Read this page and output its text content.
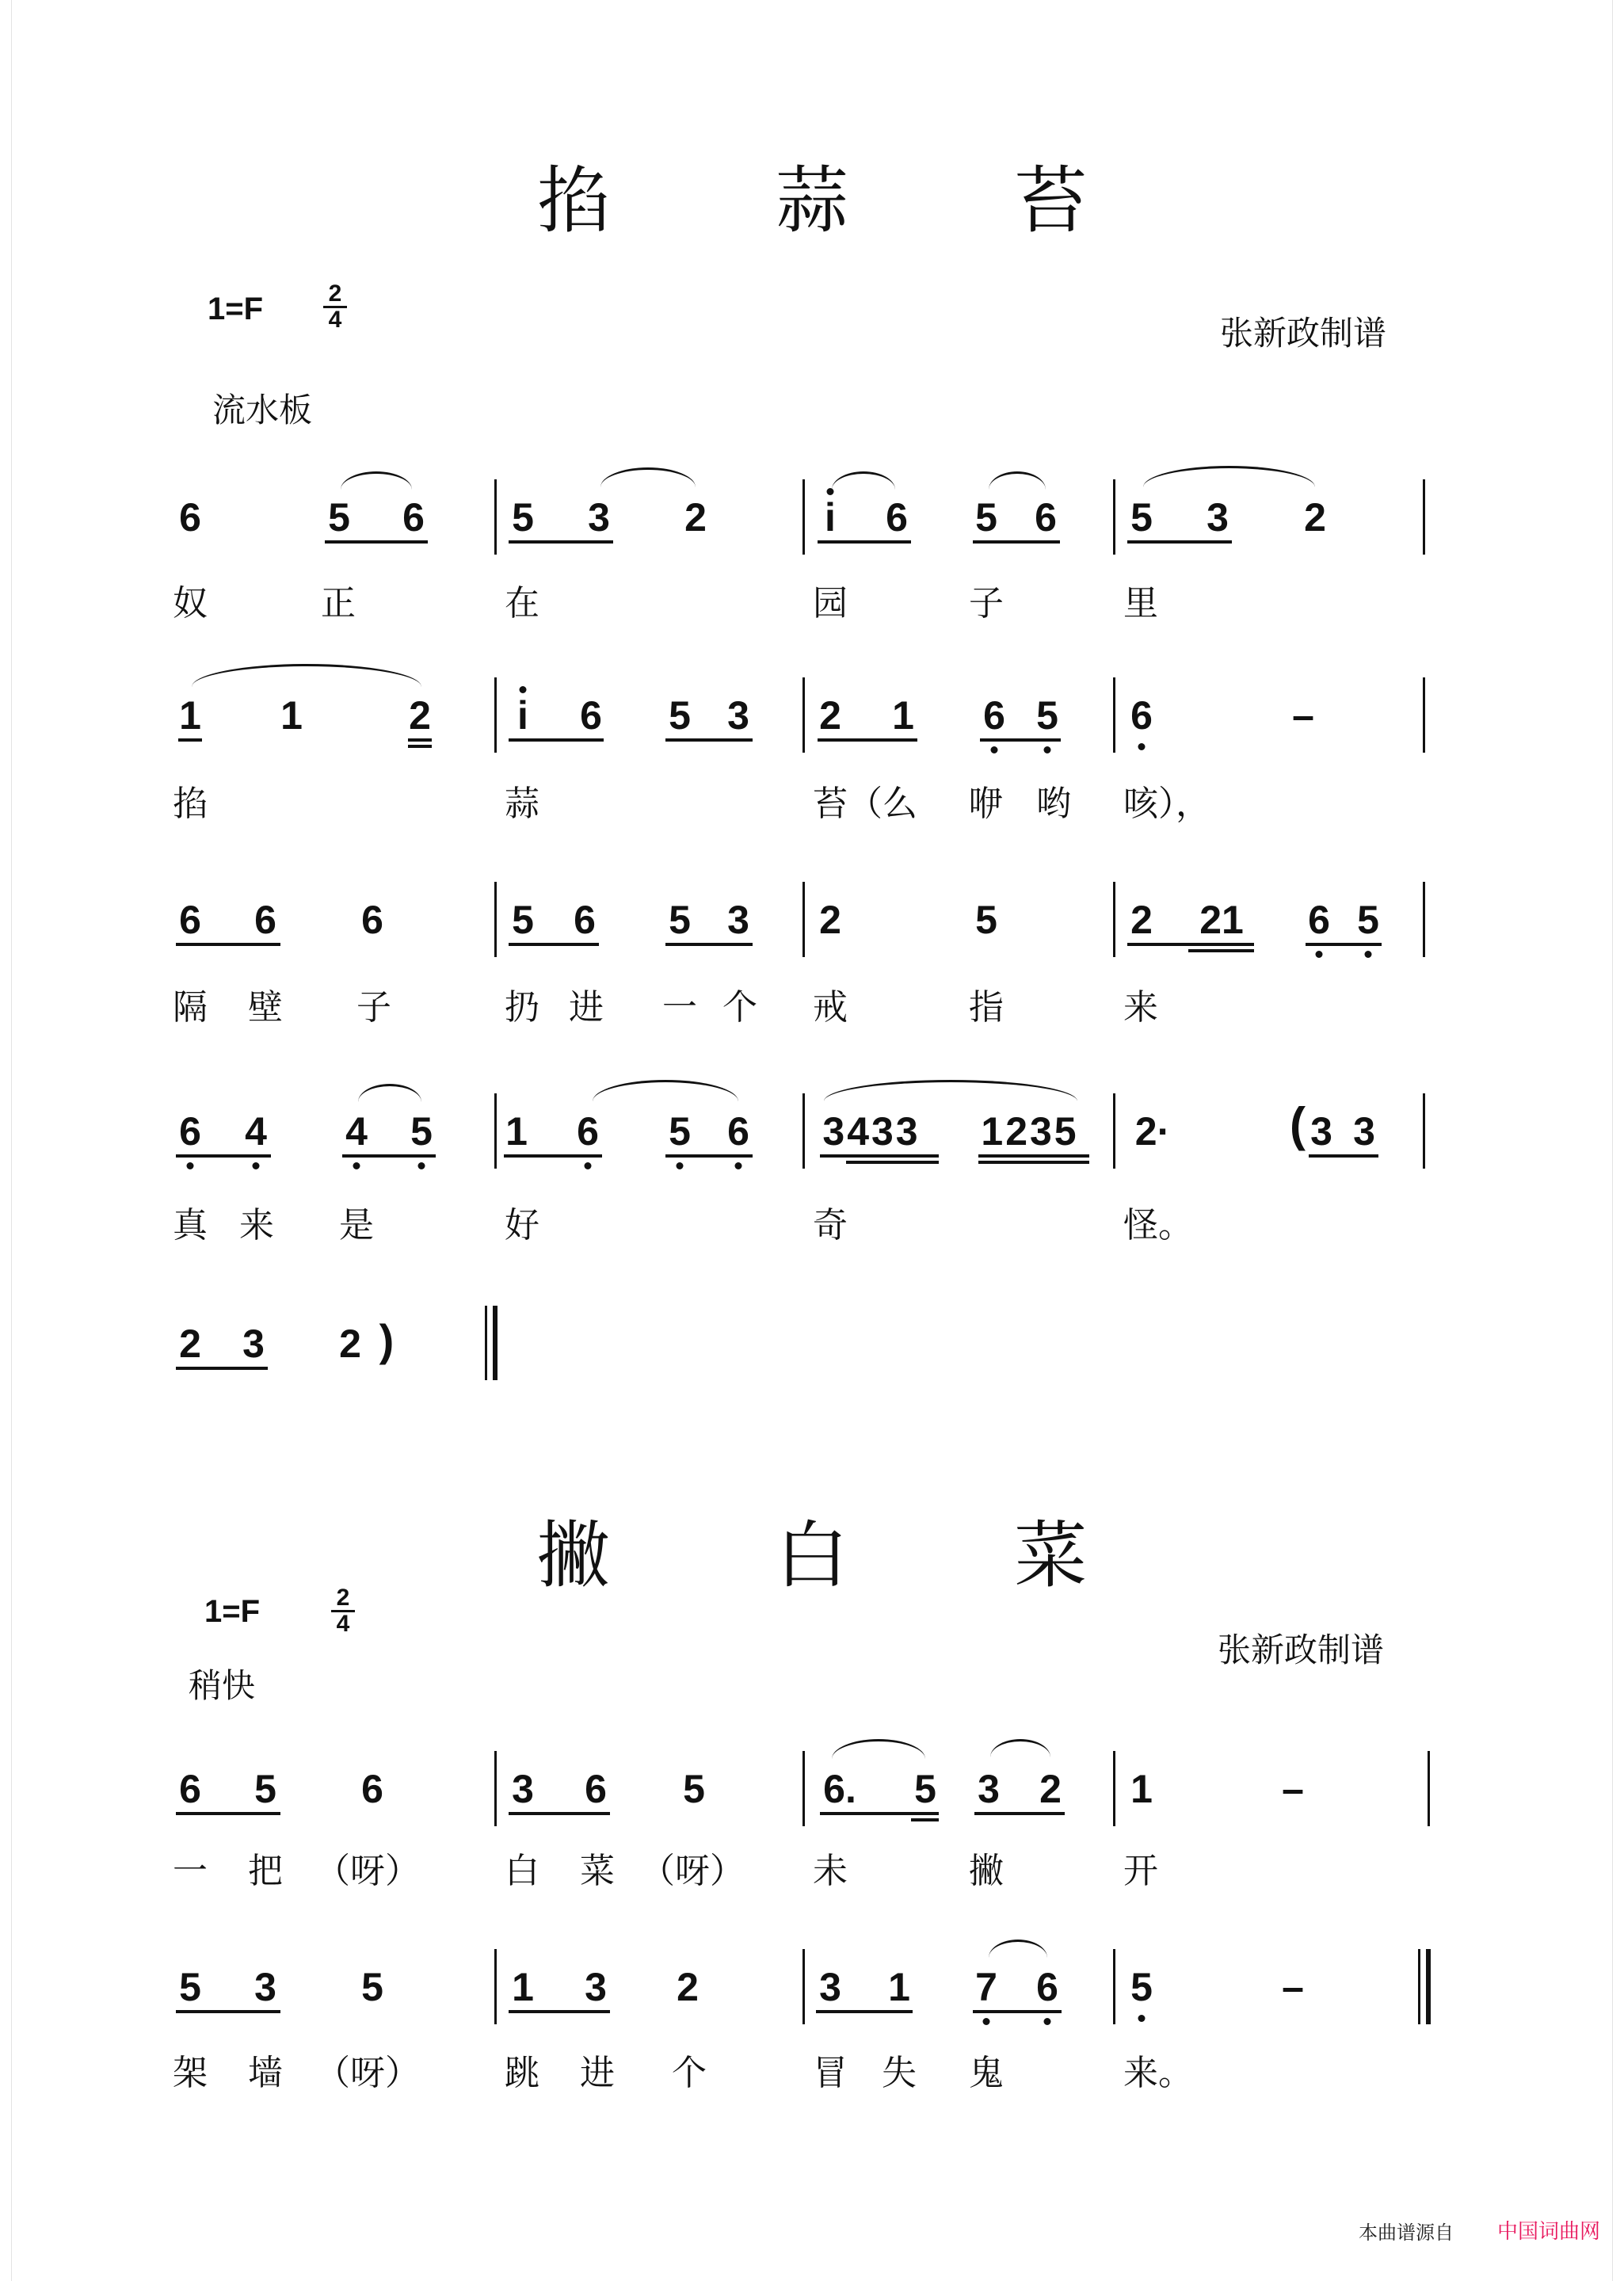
掐 蒜 苔
1=F	$\frac{2}{4}$
张新政制谱
流水板
6	5 6 5 3 2	i 6 5 6 5 3 2
奴	正	在	园	子	里
1 1	2 i 6 5 3 2 1 6 5 6	–
掐	蒜	苔（么 咿 哟 咳），
6 6 6	5 6 5 3 2	5	2 21 6 5
隔 壁 子	扔 进 一 个 戒	指	来
6 4 4 5 1 6 5 6 3433 1235 2·	( 3 3
真 来 是	好	奇	怪。
2 3 2 )
撇 白 菜
1=F	$\frac{2}{4}$
张新政制谱
稍快
6 5 6	3 6 5	6. 5 3 2 1	–
一 把 （呀） 白 菜 （呀） 未	撇	开
5 3 5	1 3 2	3 1 7 6 5	–
架 墙 （呀） 跳 进 个	冒 失 鬼	来。
本曲谱源自 中国词曲网
